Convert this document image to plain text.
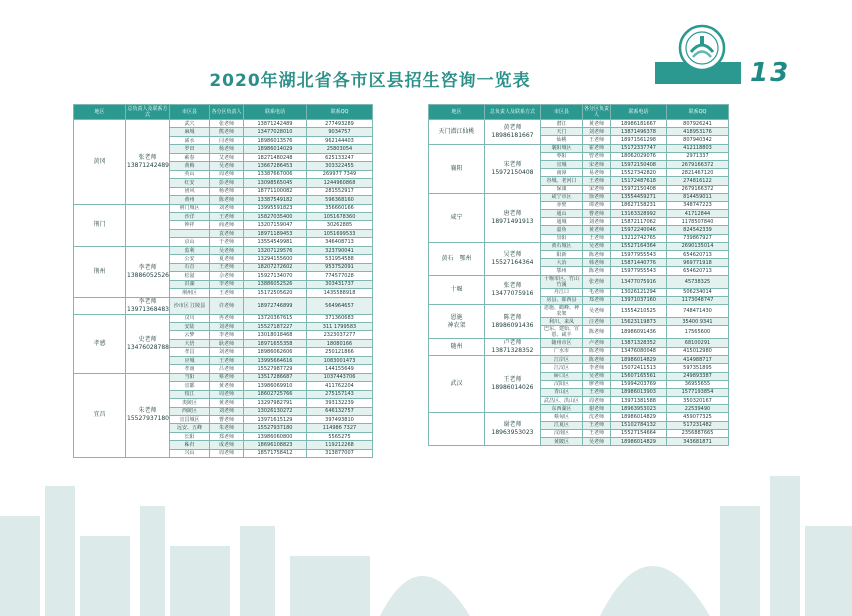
13
2020年湖北省各市区县招生咨询一览表
地区	总负责人及联系方式	市区县	各分区负责人	联系电话	联系QQ
黄冈	张老师
13871242489	武穴	张老师	13871242489	277493289
		麻城	熊老师	13477028010	9034757
		浠水	闫老师	18986013576	962144403
		罗田	杨老师	18986014029	25803054
		蕲春	艾老师	18271480248	625133247
		黄梅	吴老师	13667286453	303322455
		英山	周老师	13387667006	269977 7349
		红安	彭老师	13098565045	1244960868
		团风	杨老师	18771100082	281552917
		黄州	陈老师	13387549182	596368160
荆门		荆门城区	刘老师	13995591823	356660166
		沙洋	王老师	15827035400	1051678360
		钟祥	商老师	13207159047	30262885
			袁老师	18971189453	1051699533
		京山	于老师	13554549981	346408713
荆州	李老师
13886052526	监利	吴老师	13207129576	323790041
		公安	夏老师	13294155600	531954588
		石首	王老师	18207272602	953752091
		松滋	佘老师	15927134070	774577028
		洪湖	李老师	13886052526	303431737
		荆州区	王老师	15172505620	1435588918
	李老师
13971368483	沙市区 江陵县	许老师	18972746899	564964657
孝感	史老师
13476028788	汉川	冉老师	13720367615	371360683
		安陆	刘老师	15527187227	311 1799583
		云梦	李老师	13018018468	2323037277
		大悟	耿老师	18971655358	18080166
		孝昌	刘老师	18986062606	250121866
		应城	王老师	13995664616	1083001473
		孝南	吕老师	15527987729	144155649
宜昌	朱老师
15527937180	当阳	蔡老师	13517286687	1037443706
		宜都	黄老师	13986069910	411762204
		枝江	周老师	18602725766	275157143
		夷陵区	黄老师	13297982791	393132239
		西陵区	刘老师	13026130272	646132757
		宜昌城区	曹老师	13971615129	397493810
		远安、五峰	朱老师	15527937180	114986 7327
		长阳	郑老师	13986060800	5565275
		秭归	成老师	18696108823	119212268
		兴山	周老师	18571758412	313877007
地区	总负责人及联系方式	市区县	各分区负责人	联系电话	联系QQ
天门潜江仙桃	黄老师
18986181667	潜江	黄老师	18986181667	807926241
		天门	刘老师	13871496378	418953176
		仙桃	王老师	18971561298	807940342
襄阳	宋老师
15972150408	襄阳城区	霍老师	15172337747	412118803
		枣阳	曾老师	18062029076	2971337
		宜城	宋老师	15972150408	2679166372
		南漳	易老师	15527342820	2821467120
		谷城、老河口	王老师	15172487618	274816122
		保康	宋老师	15972150408	2679166372
咸宁	唐老师
18971491913	咸宁市区	徐老师	13554459271	814459011
		赤壁	谭老师	18627158231	348747223
		通山	曹老师	13163328992	41712844
		通城	刘老师	15872117062	1178507840
		嘉鱼	黄老师	15972240046	824542339
		崇阳	王老师	13212742765	739867927
黄石　鄂州	吴老师
15527164364	黄石城区	吴老师	15527164364	2690135014
		阳新	陈老师	15977955543	654620713
		大冶	韩老师	15871440776	969771918
		鄂州	陈老师	15977955543	654620713
十堰	张老师
13477075916	十堰市区、竹山竹溪	张老师	13477075916	45738325
		丹江口	毛老师	13026121294	506234014
		房县、郧西县	郑老师	13971037160	1173048747
恩施
神农架	陈老师
18986091436	恩施、鹤峰、神农架	吴老师	13554210525	748471430
		利川、来凤	汪老师	15623119873	35400 9341
		巴东、建始、宣恩、咸丰	陈老师	18986091436	17565600
随州	卢老师
13871328352	随州市区	卢老师	13871328352	68100291
		广水市	陈老师	13476080048	415012980
武汉	王老师
18986014026	江岸区	陈老师	18986014829	414988717
		江汉区	李老师	15072411513	597351895
		硚口区	吴老师	15607165561	249893387
		汉阳区	廖老师	15994203769	36955655
		青山区	王老师	18986013903	1577193854
		武昌区、洪山区	周老师	13971381588	350320167
		东西湖区	谢老师	18963953023	22539490
	谢老师
18963953023	蔡甸区	沈老师	18986014829	459077325
		江夏区	王老师	15102784132	517231482
		汉南区	王老师	15527154664	2356887665
		黄陂区	吴老师	18986014829	343681871
